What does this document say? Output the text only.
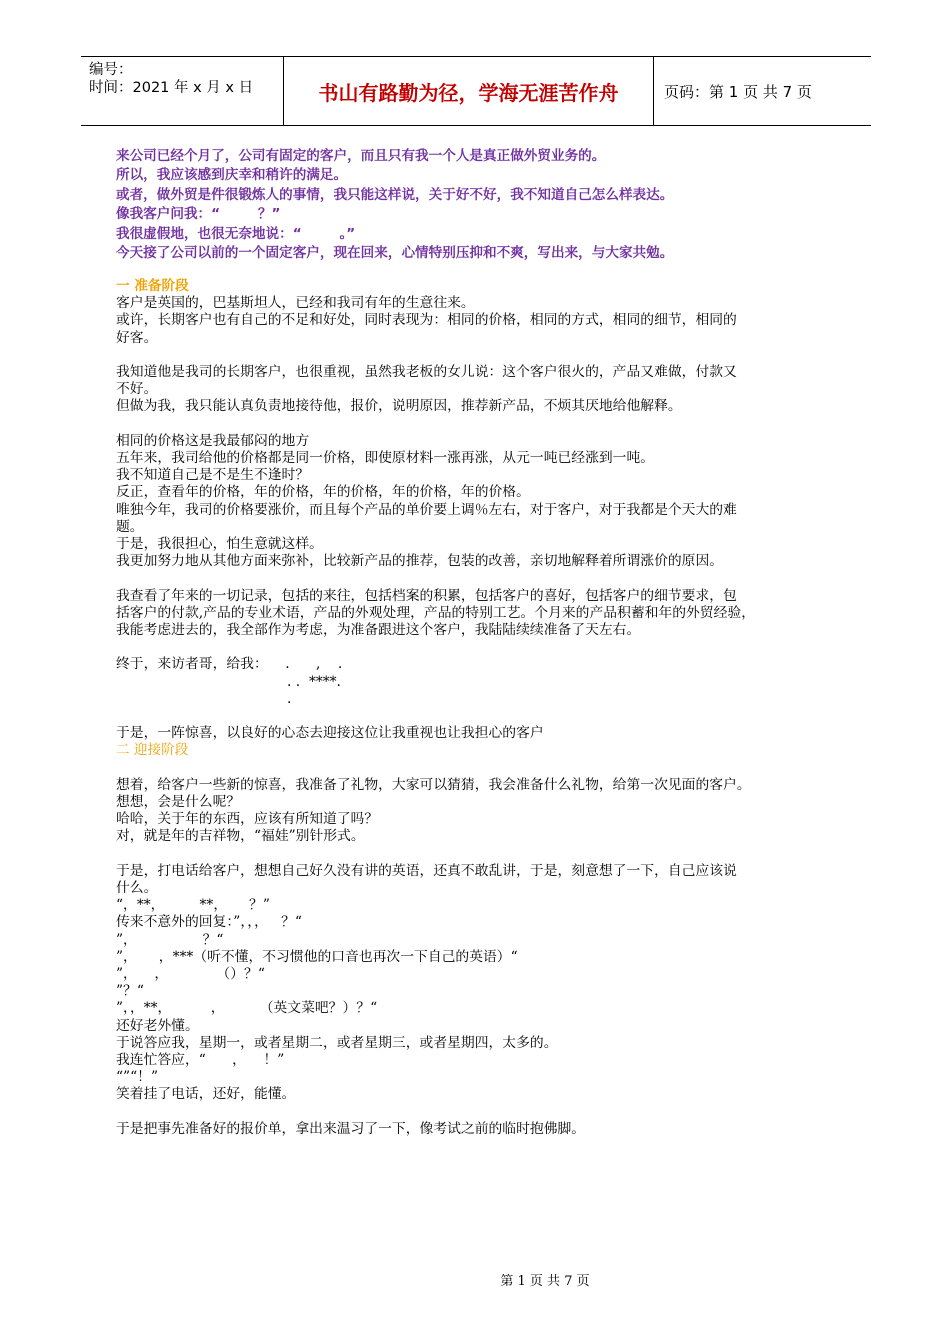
编号：
时间：2021 年 x 月 x 日	书山有路勤为径，学海无涯苦作舟	页码：第 1 页 共 7 页
来公司已经个月了，公司有固定的客户，而且只有我一个人是真正做外贸业务的。
所以，我应该感到庆幸和稍许的满足。
或者，做外贸是件很锻炼人的事情，我只能这样说，关于好不好，我不知道自己怎么样表达。
像我客户问我：“        ？”
我很虚假地，也很无奈地说：“        。”
今天接了公司以前的一个固定客户，现在回来，心情特别压抑和不爽，写出来，与大家共勉。
一 准备阶段
客户是英国的，巴基斯坦人，已经和我司有年的生意往来。
或许，长期客户也有自己的不足和好处，同时表现为：相同的价格，相同的方式，相同的细节，相同的
好客。
我知道他是我司的长期客户，也很重视，虽然我老板的女儿说：这个客户很火的，产品又难做，付款又
不好。
但做为我，我只能认真负责地接待他，报价，说明原因，推荐新产品，不烦其厌地给他解释。
相同的价格这是我最郁闷的地方
五年来，我司给他的价格都是同一价格，即使原材料一涨再涨，从元一吨已经涨到一吨。
我不知道自己是不是生不逢时？
反正，查看年的价格，年的价格，年的价格，年的价格，年的价格。
唯独今年，我司的价格要涨价，而且每个产品的单价要上调％左右，对于客户，对于我都是个天大的难
题。
于是，我很担心，怕生意就这样。
我更加努力地从其他方面来弥补，比较新产品的推荐，包装的改善，亲切地解释着所谓涨价的原因。
我查看了年来的一切记录，包括的来往，包括档案的积累，包括客户的喜好，包括客户的细节要求，包
括客户的付款,产品的专业术语，产品的外观处理，产品的特别工艺。个月来的产品积蓄和年的外贸经验，
我能考虑进去的，我全部作为考虑，为准备跟进这个客户，我陆陆续续准备了天左右。
终于，来访者哥，给我：    .      ,    .
. .  ****.
.
于是，一阵惊喜，以良好的心态去迎接这位让我重视也让我担心的客户
二 迎接阶段
想着，给客户一些新的惊喜，我准备了礼物，大家可以猜猜，我会准备什么礼物，给第一次见面的客户。
想想，会是什么呢？
哈哈，关于年的东西，应该有所知道了吗？
对，就是年的吉祥物，“福娃”别针形式。
于是，打电话给客户，想想自己好久没有讲的英语，还真不敢乱讲，于是，刻意想了一下，自己应该说
什么。
“，**，        **，     ？”
传来不意外的回复：”，，，   ？“
”，               ？“
”，     ，***（听不懂，不习惯他的口音也再次一下自己的英语）“
”，    ，           （）？“
”？“
”，，**，         ，        （英文菜吧？）？“
还好老外懂。
于说答应我，星期一，或者星期二，或者星期三，或者星期四，太多的。
我连忙答应，“      ，    ！”
“”“！”
笑着挂了电话，还好，能懂。
于是把事先准备好的报价单，拿出来温习了一下，像考试之前的临时抱佛脚。
第 1 页 共 7 页
